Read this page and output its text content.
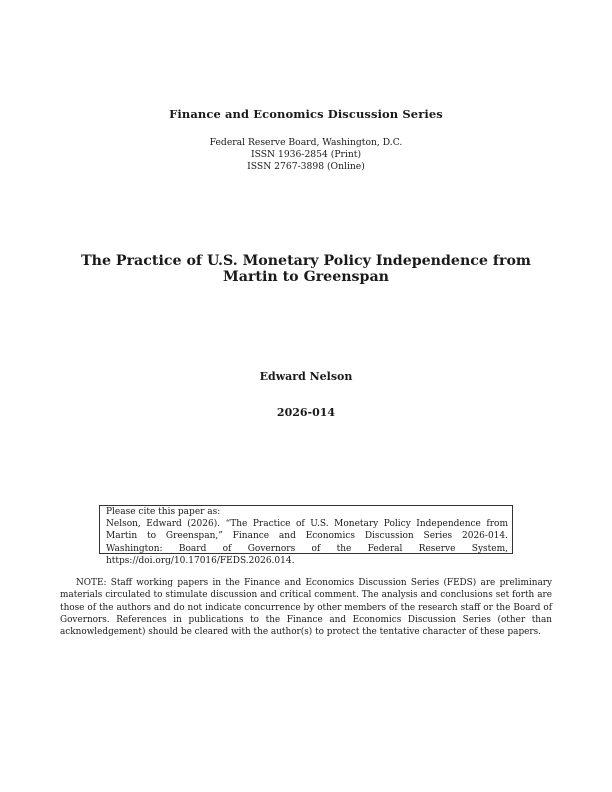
Finance and Economics Discussion Series
Federal Reserve Board, Washington, D.C.
ISSN 1936-2854 (Print)
ISSN 2767-3898 (Online)
The Practice of U.S. Monetary Policy Independence from Martin to Greenspan
Edward Nelson
2026-014
Please cite this paper as:
Nelson, Edward (2026). “The Practice of U.S. Monetary Policy Independence from Martin to Greenspan,” Finance and Economics Discussion Series 2026-014. Washington: Board of Governors of the Federal Reserve System, https://doi.org/10.17016/FEDS.2026.014.
NOTE: Staff working papers in the Finance and Economics Discussion Series (FEDS) are preliminary materials circulated to stimulate discussion and critical comment. The analysis and conclusions set forth are those of the authors and do not indicate concurrence by other members of the research staff or the Board of Governors. References in publications to the Finance and Economics Discussion Series (other than acknowledgement) should be cleared with the author(s) to protect the tentative character of these papers.
